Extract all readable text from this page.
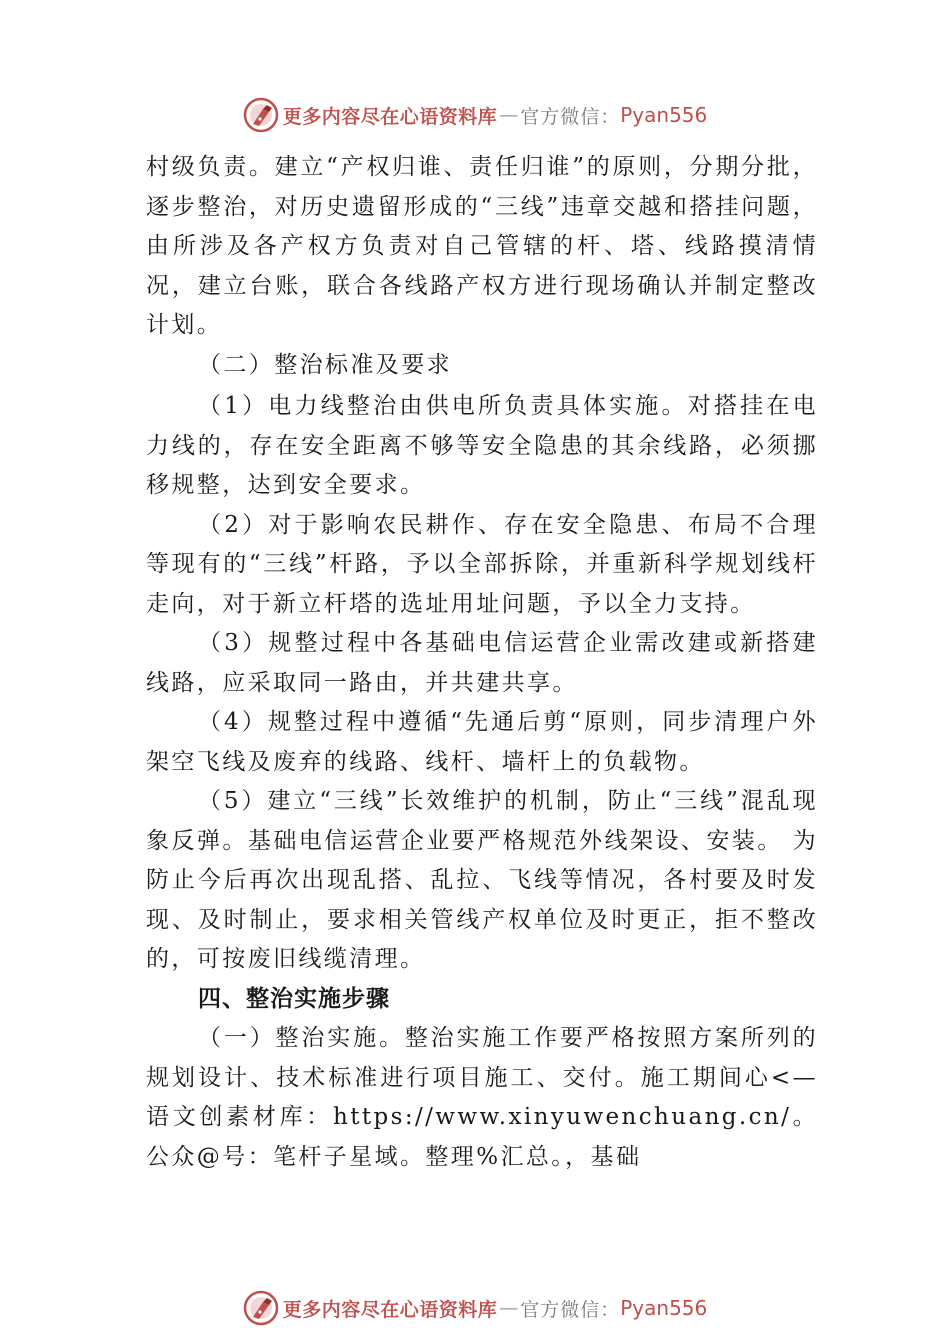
更多内容尽在心语资料库 — 官方微信： Pyan556

村级负责。建立“产权归谁、责任归谁”的原则，分期分批，逐步整治，对历史遗留形成的“三线”违章交越和搭挂问题，由所涉及各产权方负责对自己管辖的杆、塔、线路摸清情况，建立台账，联合各线路产权方进行现场确认并制定整改计划。

（二）整治标准及要求

（1）电力线整治由供电所负责具体实施。对搭挂在电力线的，存在安全距离不够等安全隐患的其余线路，必须挪移规整，达到安全要求。

（2）对于影响农民耕作、存在安全隐患、布局不合理等现有的“三线”杆路，予以全部拆除，并重新科学规划线杆走向，对于新立杆塔的选址用址问题，予以全力支持。

（3）规整过程中各基础电信运营企业需改建或新搭建线路，应采取同一路由，并共建共享。

（4）规整过程中遵循“先通后剪“原则，同步清理户外架空飞线及废弃的线路、线杆、墙杆上的负载物。

（5）建立“三线”长效维护的机制，防止“三线”混乱现象反弹。基础电信运营企业要严格规范外线架设、安装。 为防止今后再次出现乱搭、乱拉、飞线等情况，各村要及时发现、及时制止，要求相关管线产权单位及时更正，拒不整改的，可按废旧线缆清理。

四、整治实施步骤

（一）整治实施。整治实施工作要严格按照方案所列的规划设计、技术标准进行项目施工、交付。施工期间心<—语文创素材库：https://www.xinyuwenchuang.cn/。公众@号：笔杆子星域。整理%汇总。，基础

更多内容尽在心语资料库 — 官方微信： Pyan556
